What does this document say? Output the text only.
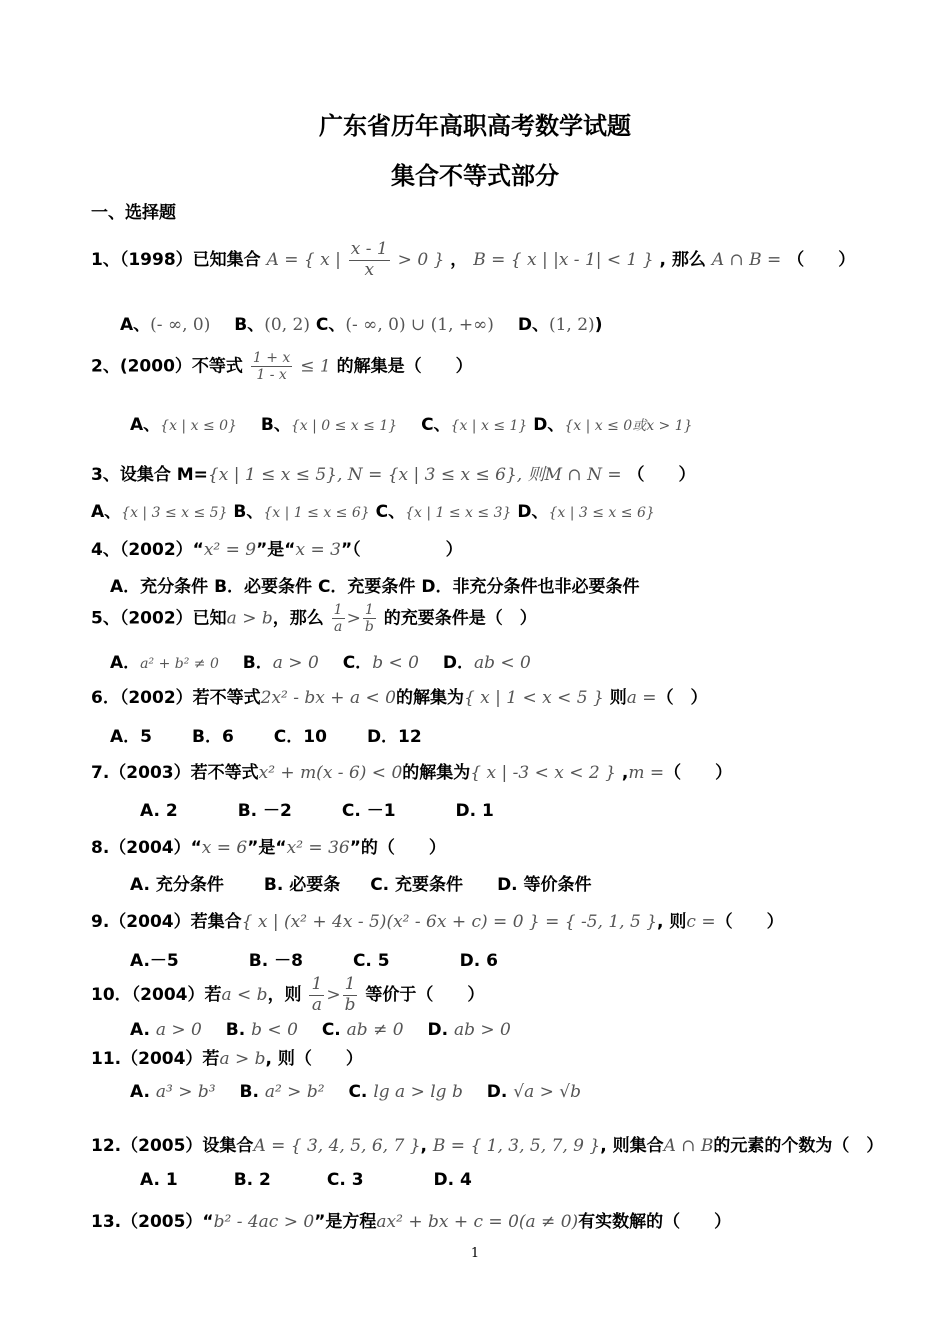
广东省历年高职高考数学试题
集合不等式部分
一、选择题
1、（1998）已知集合 A = { x | $\frac{x - 1}{x} > 0$ } ， B = { x | |x - 1| < 1 } , 那么 A ∩ B = （　　）
A、(- ∞, 0) B、(0, 2) C、(- ∞, 0) ∪ (1, +∞) D、(1, 2))
2、(2000）不等式 $\frac{1 + x}{1 - x} \le 1$ 的解集是（　　）
A、{x | x ≤ 0} B、{x | 0 ≤ x ≤ 1} C、{x | x ≤ 1} D、{x | x ≤ 0或x > 1}
3、设集合 M={x | 1 ≤ x ≤ 5}, N = {x | 3 ≤ x ≤ 6}, 则M ∩ N = （　　）
A、{x | 3 ≤ x ≤ 5} B、{x | 1 ≤ x ≤ 6} C、{x | 1 ≤ x ≤ 3} D、{x | 3 ≤ x ≤ 6}
4、（2002）“x² = 9”是“x = 3”（　　　　　）
A．充分条件 B．必要条件 C．充要条件 D．非充分条件也非必要条件
5、（2002）已知a > b，那么 $\frac{1}{a} > \frac{1}{b}$ 的充要条件是（　）
A．a² + b² ≠ 0 B．a > 0 C．b < 0 D．ab < 0
6．（2002）若不等式2x² - bx + a < 0的解集为{ x | 1 < x < 5 } 则a =（　）
A．5 B．6 C．10 D．12
7.（2003）若不等式x² + m(x - 6) < 0的解集为{ x | -3 < x < 2 } ,m =（　　）
A. 2	B. －2	C. －1	D. 1
8.（2004）“x = 6”是“x² = 36”的（　　）
A. 充分条件 B. 必要条 C. 充要条件 D. 等价条件
9.（2004）若集合{ x | (x² + 4x - 5)(x² - 6x + c) = 0 } = { -5, 1, 5 }, 则c =（　　）
A.－5	B. －8	C. 5	D. 6
10．（2004）若a < b，则 $\frac{1}{a} > \frac{1}{b}$ 等价于（　　）
A. a > 0 B. b < 0 C. ab ≠ 0 D. ab > 0
11.（2004）若a > b, 则（　　）
A. a³ > b³ B. a² > b² C. lg a > lg b D. √a > √b
12.（2005）设集合A = { 3, 4, 5, 6, 7 }, B = { 1, 3, 5, 7, 9 }, 则集合A ∩ B的元素的个数为（　）
A. 1	B. 2	C. 3	D. 4
13.（2005）“b² - 4ac > 0”是方程ax² + bx + c = 0(a ≠ 0)有实数解的（　　）
1
